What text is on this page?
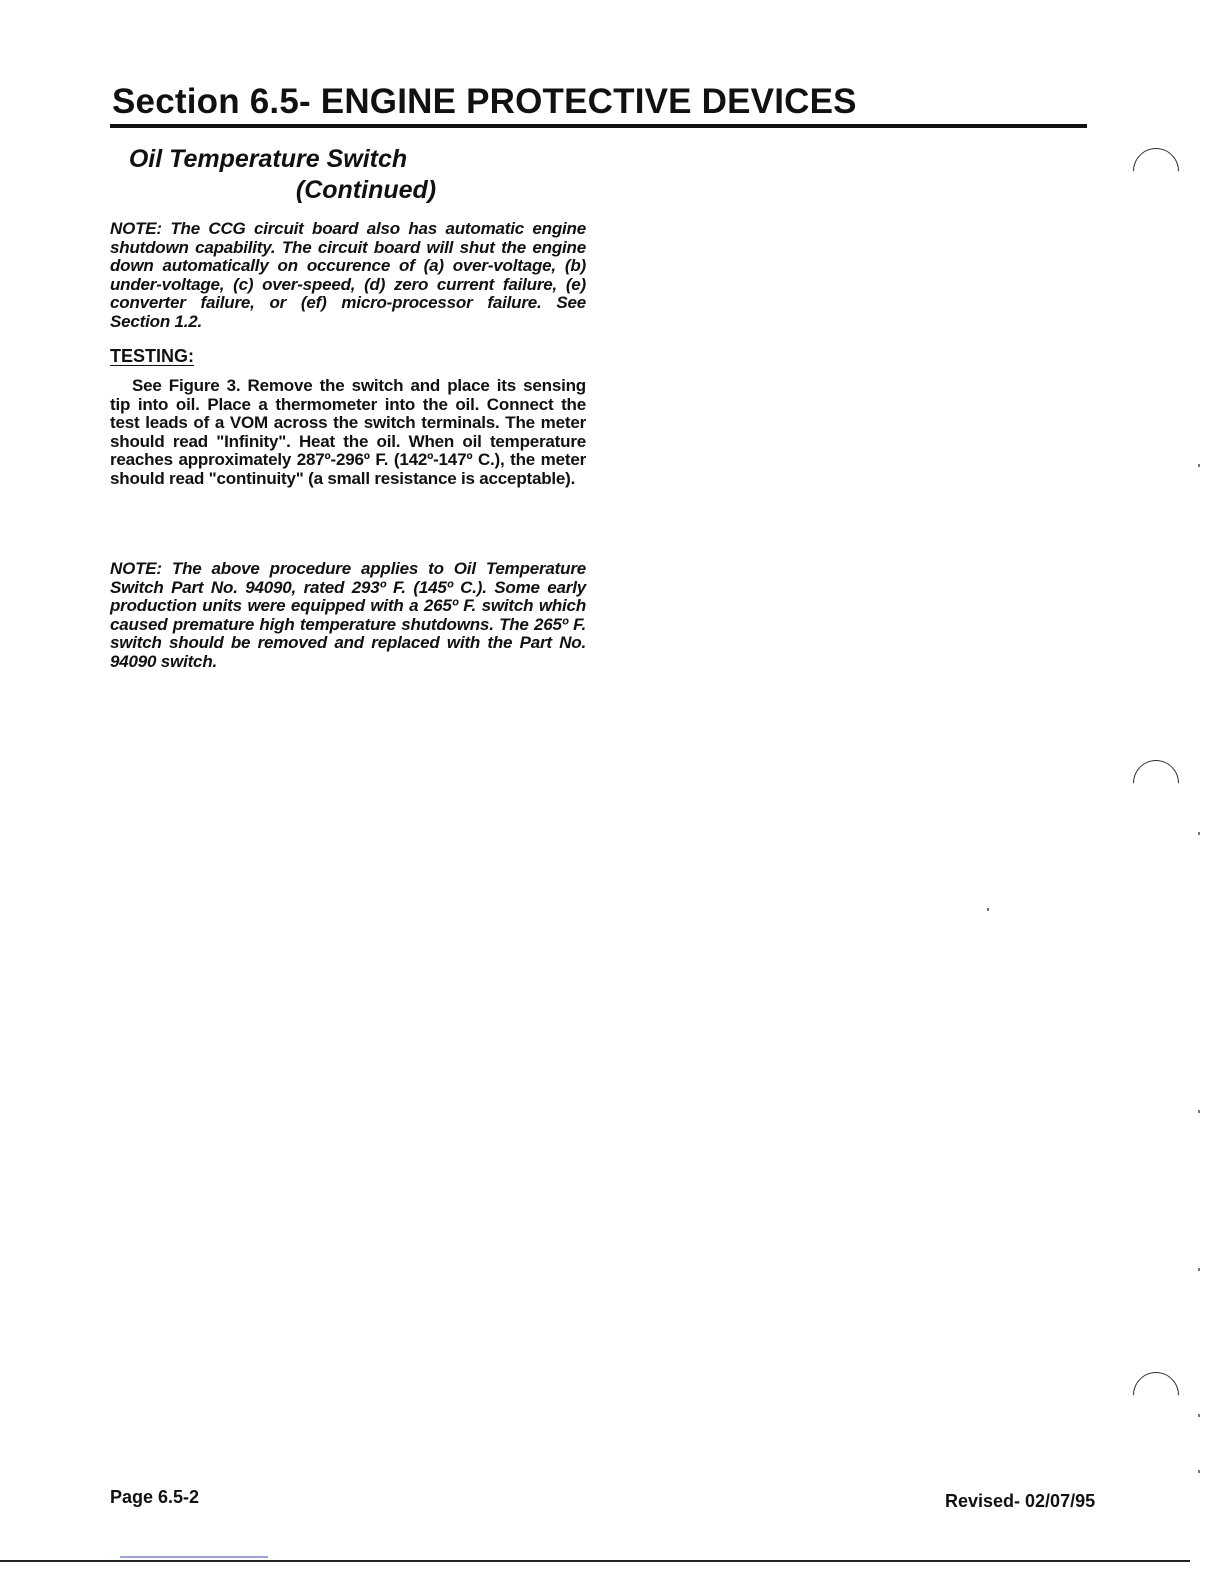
Section 6.5- ENGINE PROTECTIVE DEVICES
Oil Temperature Switch
(Continued)

NOTE: The CCG circuit board also has automatic engine shutdown capability. The circuit board will shut the engine down automatically on occurence of (a) over-voltage, (b) under-voltage, (c) over-speed, (d) zero current failure, (e) converter failure, or (ef) micro-processor failure. See Section 1.2.

TESTING:

See Figure 3. Remove the switch and place its sensing tip into oil. Place a thermometer into the oil. Connect the test leads of a VOM across the switch terminals. The meter should read "Infinity". Heat the oil. When oil temperature reaches approximately 287º-296º F. (142º-147º C.), the meter should read "continuity" (a small resistance is acceptable).

NOTE: The above procedure applies to Oil Temperature Switch Part No. 94090, rated 293º F. (145º C.). Some early production units were equipped with a 265º F. switch which caused premature high temperature shutdowns. The 265º F. switch should be removed and replaced with the Part No. 94090 switch.

Page 6.5-2	Revised- 02/07/95
